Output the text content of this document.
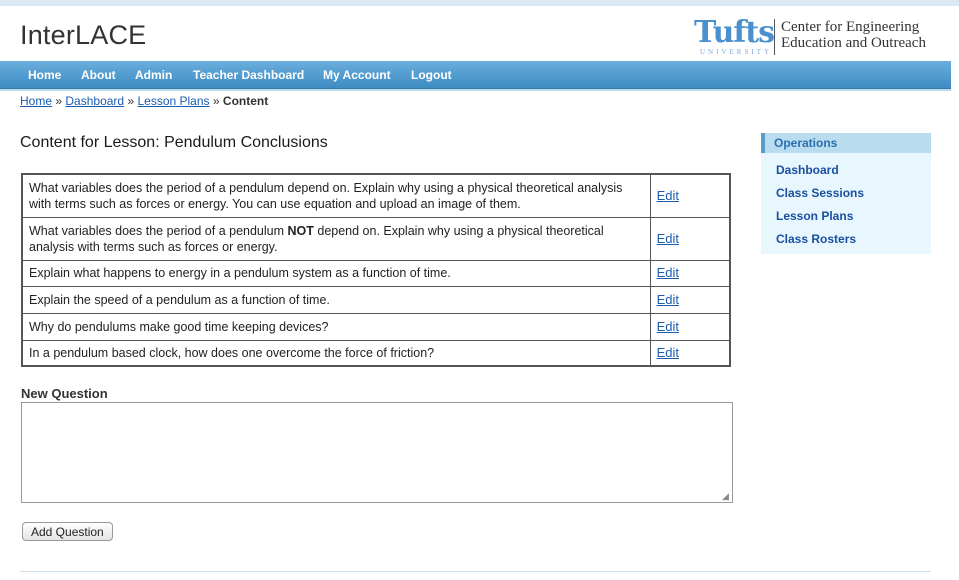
InterLACE	Tufts
UNIVERSITY
Center for Engineering
Education and Outreach
Home About Admin Teacher Dashboard My Account Logout
Home » Dashboard » Lesson Plans » Content
Content for Lesson: Pendulum Conclusions
What variables does the period of a pendulum depend on. Explain why using a physical theoretical analysis with terms such as forces or energy. You can use equation and upload an image of them.	Edit
What variables does the period of a pendulum NOT depend on. Explain why using a physical theoretical analysis with terms such as forces or energy.	Edit
Explain what happens to energy in a pendulum system as a function of time.	Edit
Explain the speed of a pendulum as a function of time.	Edit
Why do pendulums make good time keeping devices?	Edit
In a pendulum based clock, how does one overcome the force of friction?	Edit
New Question
◢
Add Question
Operations
Dashboard
Class Sessions
Lesson Plans
Class Rosters
